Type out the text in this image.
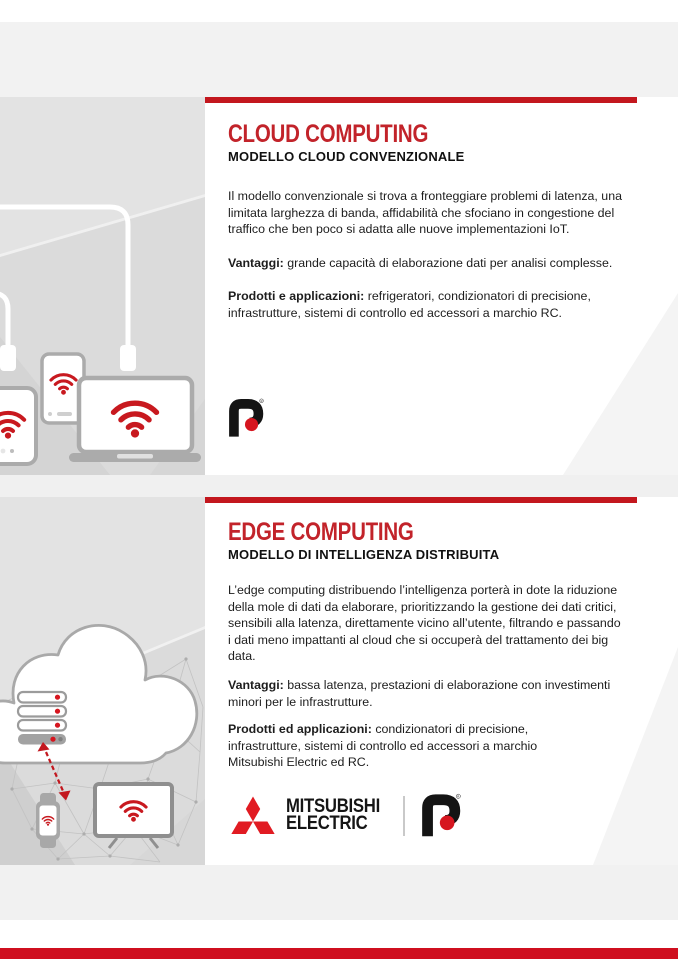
CLOUD COMPUTING
MODELLO CLOUD CONVENZIONALE
Il modello convenzionale si trova a fronteggiare problemi di latenza, una
limitata larghezza di banda, affidabilità che sfociano in congestione del
traffico che ben poco si adatta alle nuove implementazioni IoT.
Vantaggi: grande capacità di elaborazione dati per analisi complesse.
Prodotti e applicazioni: refrigeratori, condizionatori di precisione,
infrastrutture, sistemi di controllo ed accessori a marchio RC.
R
EDGE COMPUTING
MODELLO DI INTELLIGENZA DISTRIBUITA
L’edge computing distribuendo l’intelligenza porterà in dote la riduzione
della mole di dati da elaborare, prioritizzando la gestione dei dati critici,
sensibili alla latenza, direttamente vicino all’utente, filtrando e passando
i dati meno impattanti al cloud che si occuperà del trattamento dei big
data.
Vantaggi: bassa latenza, prestazioni di elaborazione con investimenti
minori per le infrastrutture.
Prodotti ed applicazioni: condizionatori di precisione,
infrastrutture, sistemi di controllo ed accessori a marchio
Mitsubishi Electric ed RC.
MITSUBISHI
ELECTRIC
R
